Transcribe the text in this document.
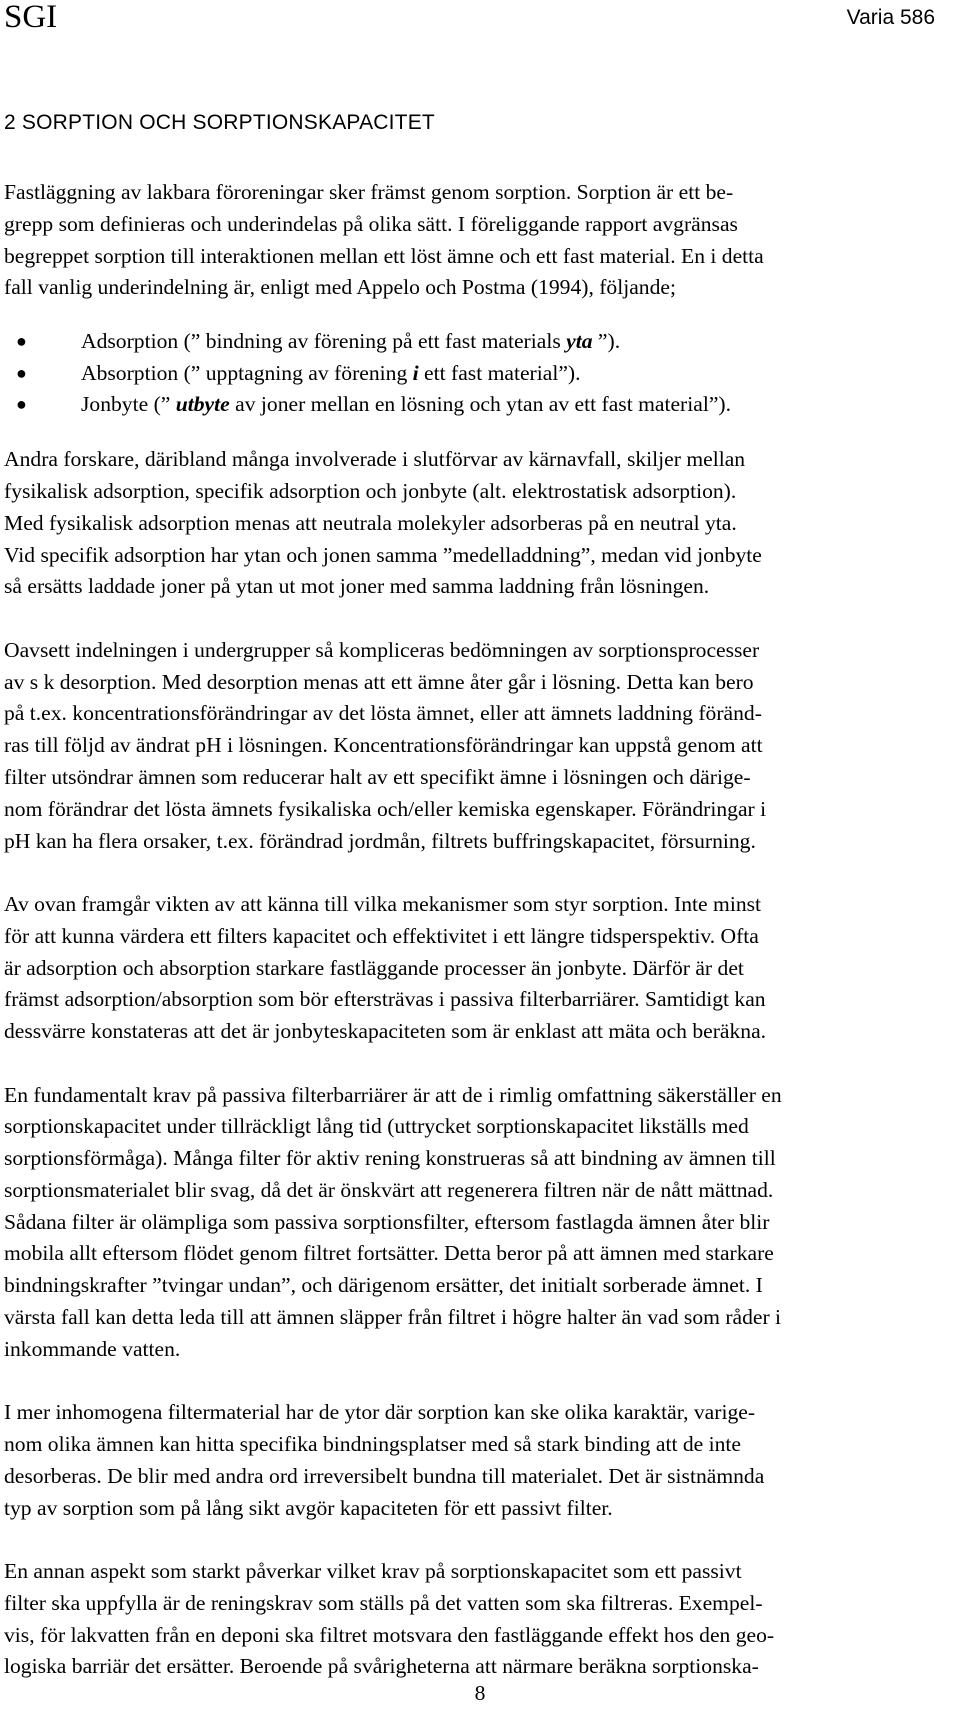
SGI	Varia 586
2 SORPTION OCH SORPTIONSKAPACITET

Fastläggning av lakbara föroreningar sker främst genom sorption. Sorption är ett be-
grepp som definieras och underindelas på olika sätt. I föreliggande rapport avgränsas
begreppet sorption till interaktionen mellan ett löst ämne och ett fast material. En i detta
fall vanlig underindelning är, enligt med Appelo och Postma (1994), följande;

●	Adsorption (” bindning av förening på ett fast materials yta ”).
●	Absorption (” upptagning av förening i ett fast material”).
●	Jonbyte (” utbyte av joner mellan en lösning och ytan av ett fast material”).

Andra forskare, däribland många involverade i slutförvar av kärnavfall, skiljer mellan
fysikalisk adsorption, specifik adsorption och jonbyte (alt. elektrostatisk adsorption).
Med fysikalisk adsorption menas att neutrala molekyler adsorberas på en neutral yta.
Vid specifik adsorption har ytan och jonen samma ”medelladdning”, medan vid jonbyte
så ersätts laddade joner på ytan ut mot joner med samma laddning från lösningen.

Oavsett indelningen i undergrupper så kompliceras bedömningen av sorptionsprocesser
av s k desorption. Med desorption menas att ett ämne åter går i lösning. Detta kan bero
på t.ex. koncentrationsförändringar av det lösta ämnet, eller att ämnets laddning föränd-
ras till följd av ändrat pH i lösningen. Koncentrationsförändringar kan uppstå genom att
filter utsöndrar ämnen som reducerar halt av ett specifikt ämne i lösningen och därige-
nom förändrar det lösta ämnets fysikaliska och/eller kemiska egenskaper. Förändringar i
pH kan ha flera orsaker, t.ex. förändrad jordmån, filtrets buffringskapacitet, försurning.

Av ovan framgår vikten av att känna till vilka mekanismer som styr sorption. Inte minst
för att kunna värdera ett filters kapacitet och effektivitet i ett längre tidsperspektiv. Ofta
är adsorption och absorption starkare fastläggande processer än jonbyte. Därför är det
främst adsorption/absorption som bör eftersträvas i passiva filterbarriärer. Samtidigt kan
dessvärre konstateras att det är jonbyteskapaciteten som är enklast att mäta och beräkna.

En fundamentalt krav på passiva filterbarriärer är att de i rimlig omfattning säkerställer en
sorptionskapacitet under tillräckligt lång tid (uttrycket sorptionskapacitet likställs med
sorptionsförmåga). Många filter för aktiv rening konstrueras så att bindning av ämnen till
sorptionsmaterialet blir svag, då det är önskvärt att regenerera filtren när de nått mättnad.
Sådana filter är olämpliga som passiva sorptionsfilter, eftersom fastlagda ämnen åter blir
mobila allt eftersom flödet genom filtret fortsätter. Detta beror på att ämnen med starkare
bindningskrafter ”tvingar undan”, och därigenom ersätter, det initialt sorberade ämnet. I
värsta fall kan detta leda till att ämnen släpper från filtret i högre halter än vad som råder i
inkommande vatten.

I mer inhomogena filtermaterial har de ytor där sorption kan ske olika karaktär, varige-
nom olika ämnen kan hitta specifika bindningsplatser med så stark binding att de inte
desorberas. De blir med andra ord irreversibelt bundna till materialet. Det är sistnämnda
typ av sorption som på lång sikt avgör kapaciteten för ett passivt filter.

En annan aspekt som starkt påverkar vilket krav på sorptionskapacitet som ett passivt
filter ska uppfylla är de reningskrav som ställs på det vatten som ska filtreras. Exempel-
vis, för lakvatten från en deponi ska filtret motsvara den fastläggande effekt hos den geo-
logiska barriär det ersätter. Beroende på svårigheterna att närmare beräkna sorptionska-

8
